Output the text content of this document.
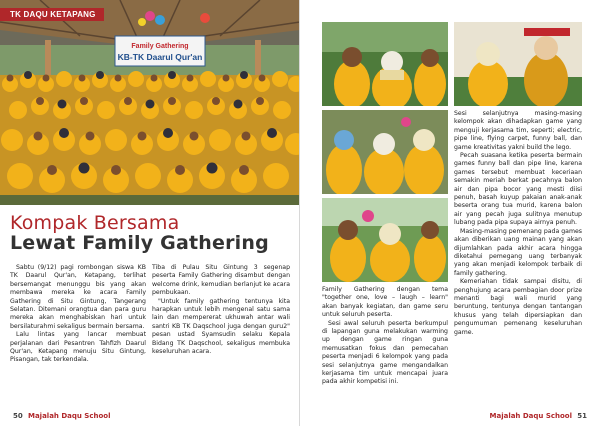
Family Gathering
KB-TK Daarul Qur'an
TK DAQU KETAPANG
Kompak Bersama
Lewat Family Gathering

Sabtu (9/12) pagi rombongan siswa KB TK Daarul Qur'an, Ketapang, terlihat bersemangat menunggu bis yang akan membawa mereka ke acara Family Gathering di Situ Gintung, Tangerang Selatan. Ditemani orangtua dan para guru mereka akan menghabiskan hari untuk bersilaturahmi sekaligus bermain bersama.

Lalu lintas yang lancar membuat perjalanan dari Pesantren Tahfizh Daarul Qur'an, Ketapang menuju Situ Gintung, Pisangan, tak terkendala.

Tiba di Pulau Situ Gintung 3 segenap peserta Family Gathering disambut dengan welcome drink, kemudian berlanjut ke acara pembukaan.

"Untuk family gathering tentunya kita harapkan untuk lebih mengenal satu sama lain dan mempererat ukhuwah antar wali santri KB TK Daqschool juga dengan guru2" pesan ustad Syamsudin selaku Kepala Bidang TK Daqschool, sekaligus membuka keseluruhan acara.

50 Majalah Daqu School

Family Gathering dengan tema "together one, love – laugh – learn" akan banyak kegiatan, dan game seru untuk seluruh peserta.

Sesi awal seluruh peserta berkumpul di lapangan guna melakukan warming up dengan game ringan guna memusatkan fokus dan pemecahan peserta menjadi 6 kelompok yang pada sesi selanjutnya game mengandalkan kerjasama tim untuk mencapai juara pada akhir kompetisi ini.

Sesi selanjutnya masing-masing kelompok akan dihadapkan game yang menguji kerjasama tim, seperti; electric, pipe line, flying carpet, funny ball, dan game kreativitas yakni build the lego.

Pecah suasana ketika peserta bermain games funny ball dan pipe line, karena games tersebut membuat keceriaan semakin meriah berkat pecahnya balon air dan pipa bocor yang mesti diisi penuh, basah kuyup pakaian anak-anak beserta orang tua murid, karena balon air yang pecah juga sulitnya menutup lubang pada pipa supaya airnya penuh.

Masing-masing pemenang pada games akan diberikan uang mainan yang akan dijumlahkan pada akhir acara hingga diketahui pemegang uang terbanyak yang akan menjadi kelompok terbaik di family gathering.

Kemeriahan tidak sampai disitu, di penghujung acara pembagian door prize menanti bagi wali murid yang beruntung, tentunya dengan tantangan khusus yang telah dipersiapkan dan pengumuman pemenang keseluruhan game.

Majalah Daqu School 51
